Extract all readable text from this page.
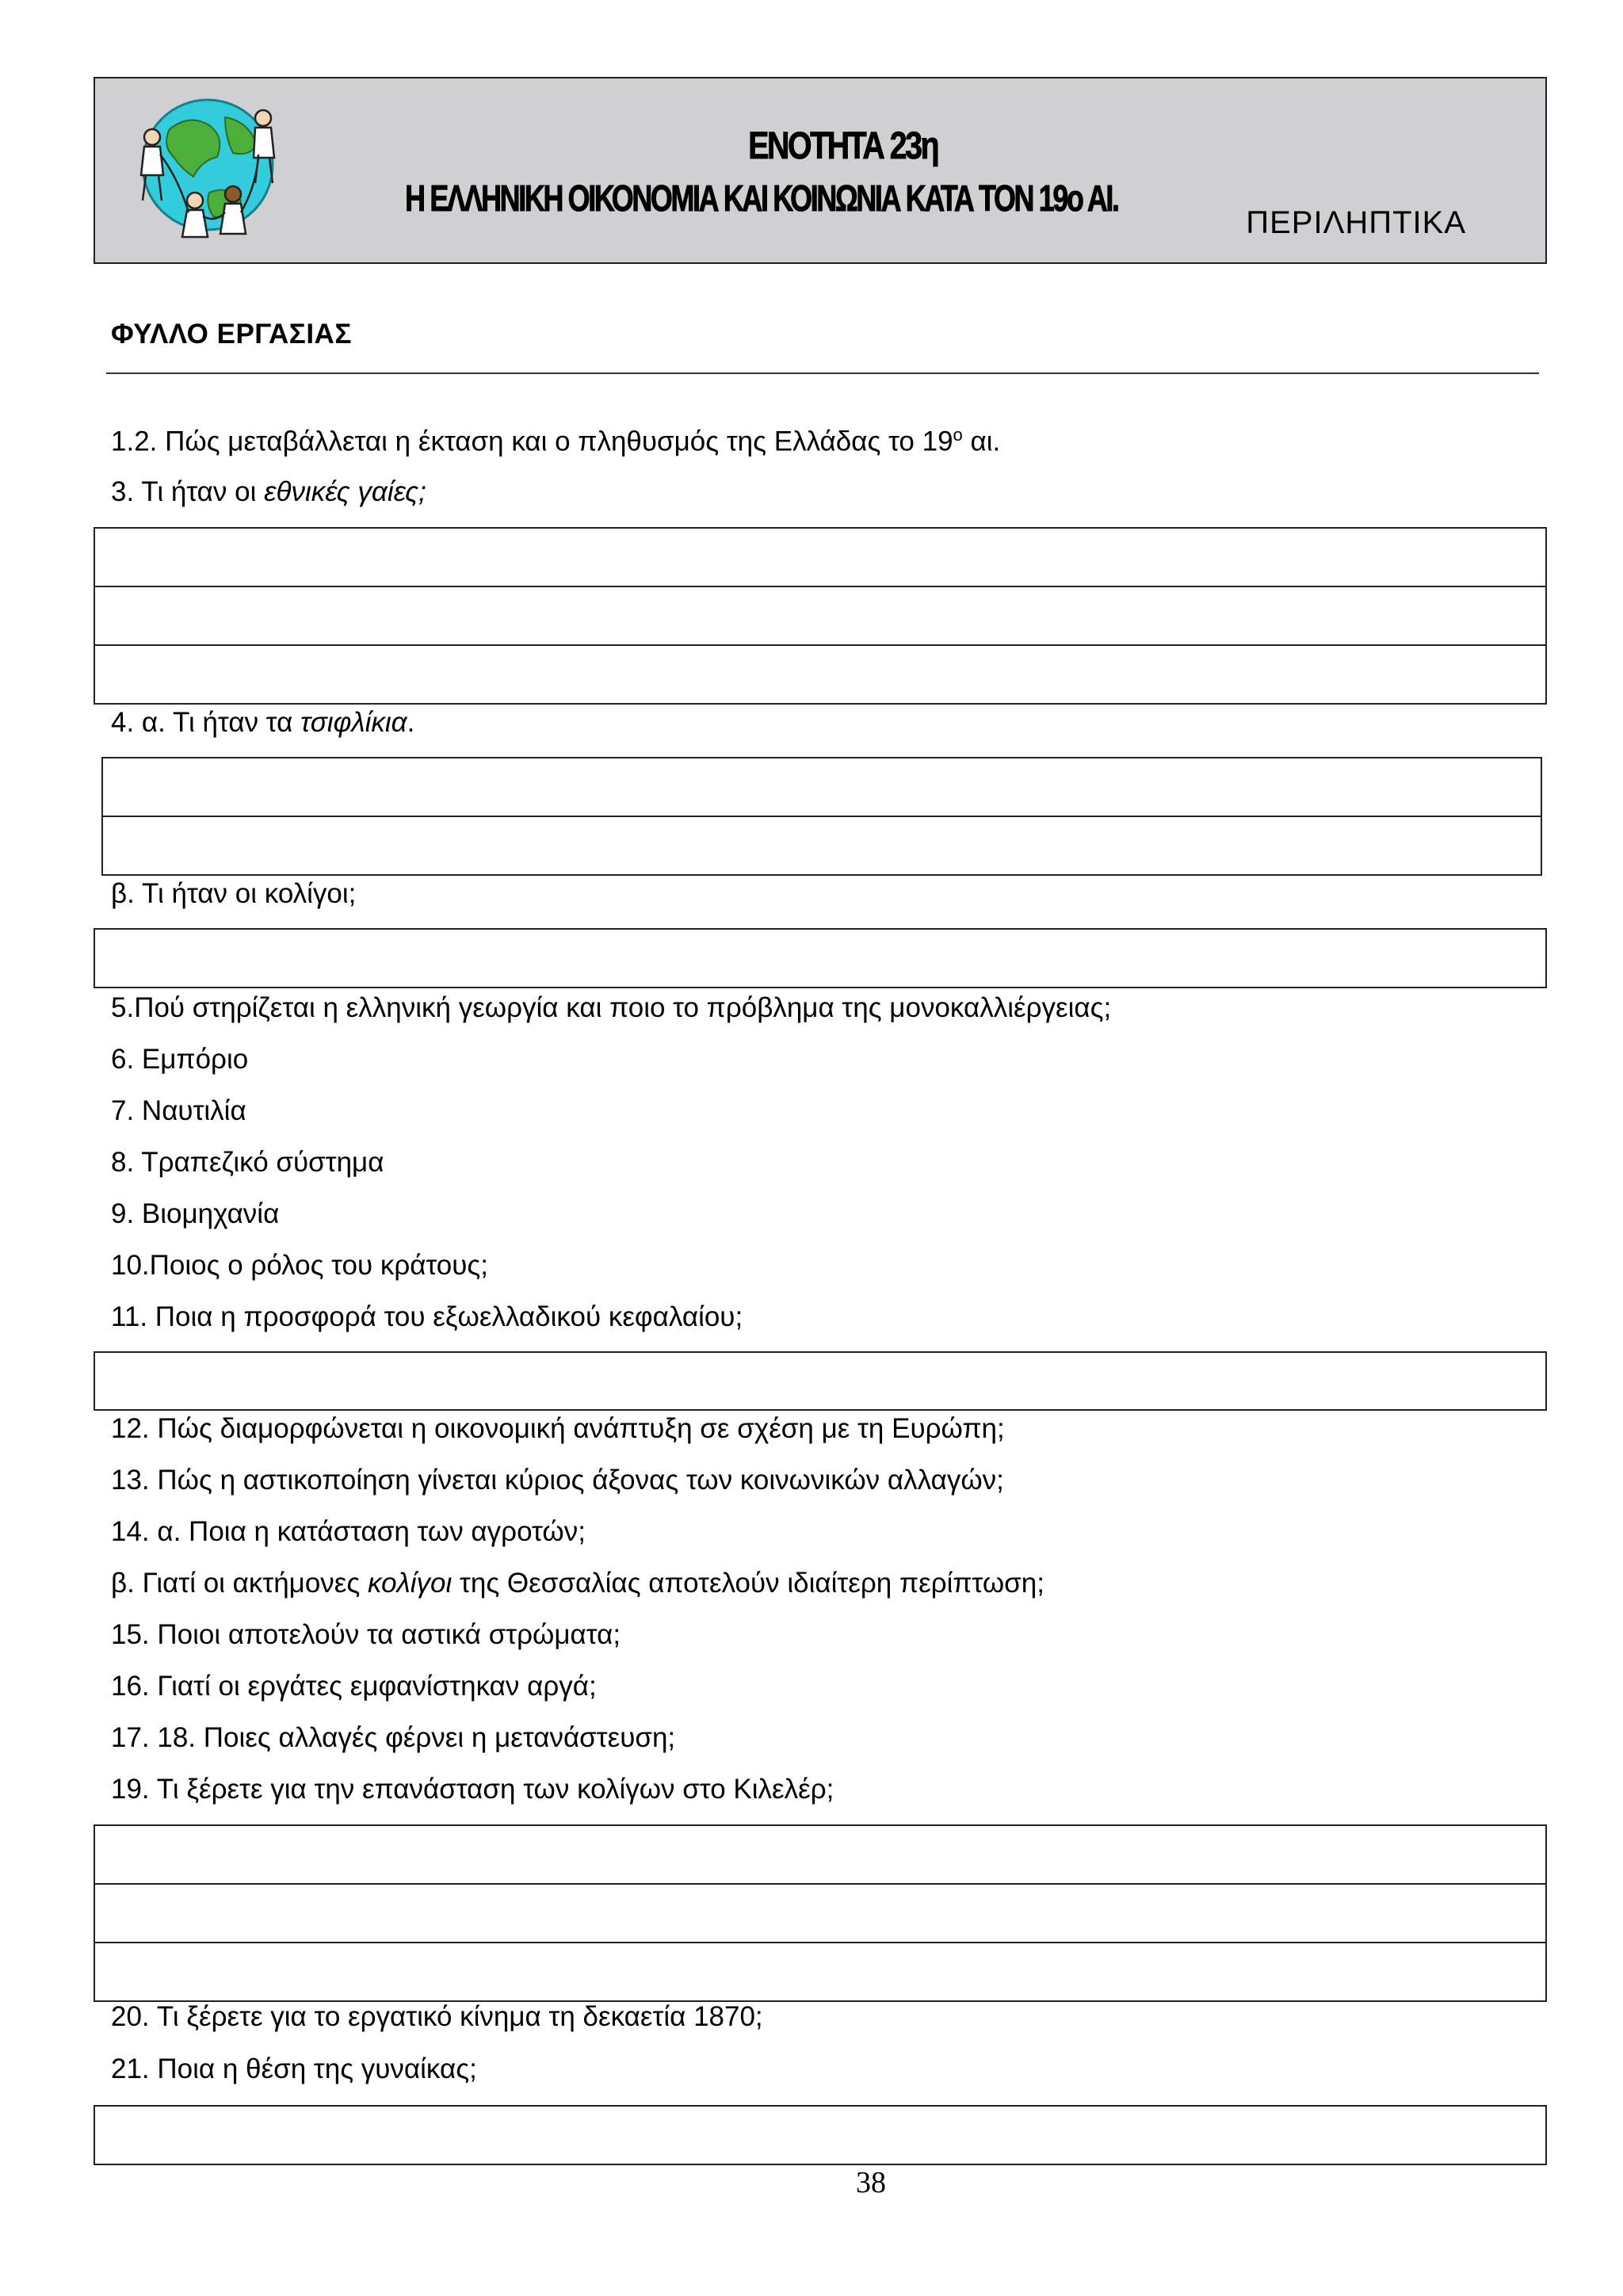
ΕΝΟΤΗΤΑ 23η
Η ΕΛΛΗΝΙΚΗ ΟΙΚΟΝΟΜΙΑ ΚΑΙ ΚΟΙΝΩΝΙΑ ΚΑΤΑ ΤΟΝ 19ο ΑΙ.
ΠΕΡΙΛΗΠΤΙΚΑ
ΦΥΛΛΟ ΕΡΓΑΣΙΑΣ
1.2. Πώς μεταβάλλεται η έκταση και ο πληθυσμός της Ελλάδας το $19^o$ αι.
3. Τι ήταν οι εθνικές γαίες;
4. α. Τι ήταν τα τσιφλίκια.
β. Τι ήταν οι κολίγοι;
5.Πού στηρίζεται η ελληνική γεωργία και ποιο το πρόβλημα της μονοκαλλιέργειας;
6. Εμπόριο
7. Ναυτιλία
8. Τραπεζικό σύστημα
9. Βιομηχανία
10.Ποιος ο ρόλος του κράτους;
11. Ποια η προσφορά του εξωελλαδικού κεφαλαίου;
12. Πώς διαμορφώνεται η οικονομική ανάπτυξη σε σχέση με τη Ευρώπη;
13. Πώς η αστικοποίηση γίνεται κύριος άξονας των κοινωνικών αλλαγών;
14. α. Ποια η κατάσταση των αγροτών;
β. Γιατί οι ακτήμονες κολίγοι της Θεσσαλίας αποτελούν ιδιαίτερη περίπτωση;
15. Ποιοι αποτελούν τα αστικά στρώματα;
16. Γιατί οι εργάτες εμφανίστηκαν αργά;
17. 18. Ποιες αλλαγές φέρνει η μετανάστευση;
19. Τι ξέρετε για την επανάσταση των κολίγων στο Κιλελέρ;
20. Τι ξέρετε για το εργατικό κίνημα τη δεκαετία 1870;
21. Ποια η θέση της γυναίκας;
38
